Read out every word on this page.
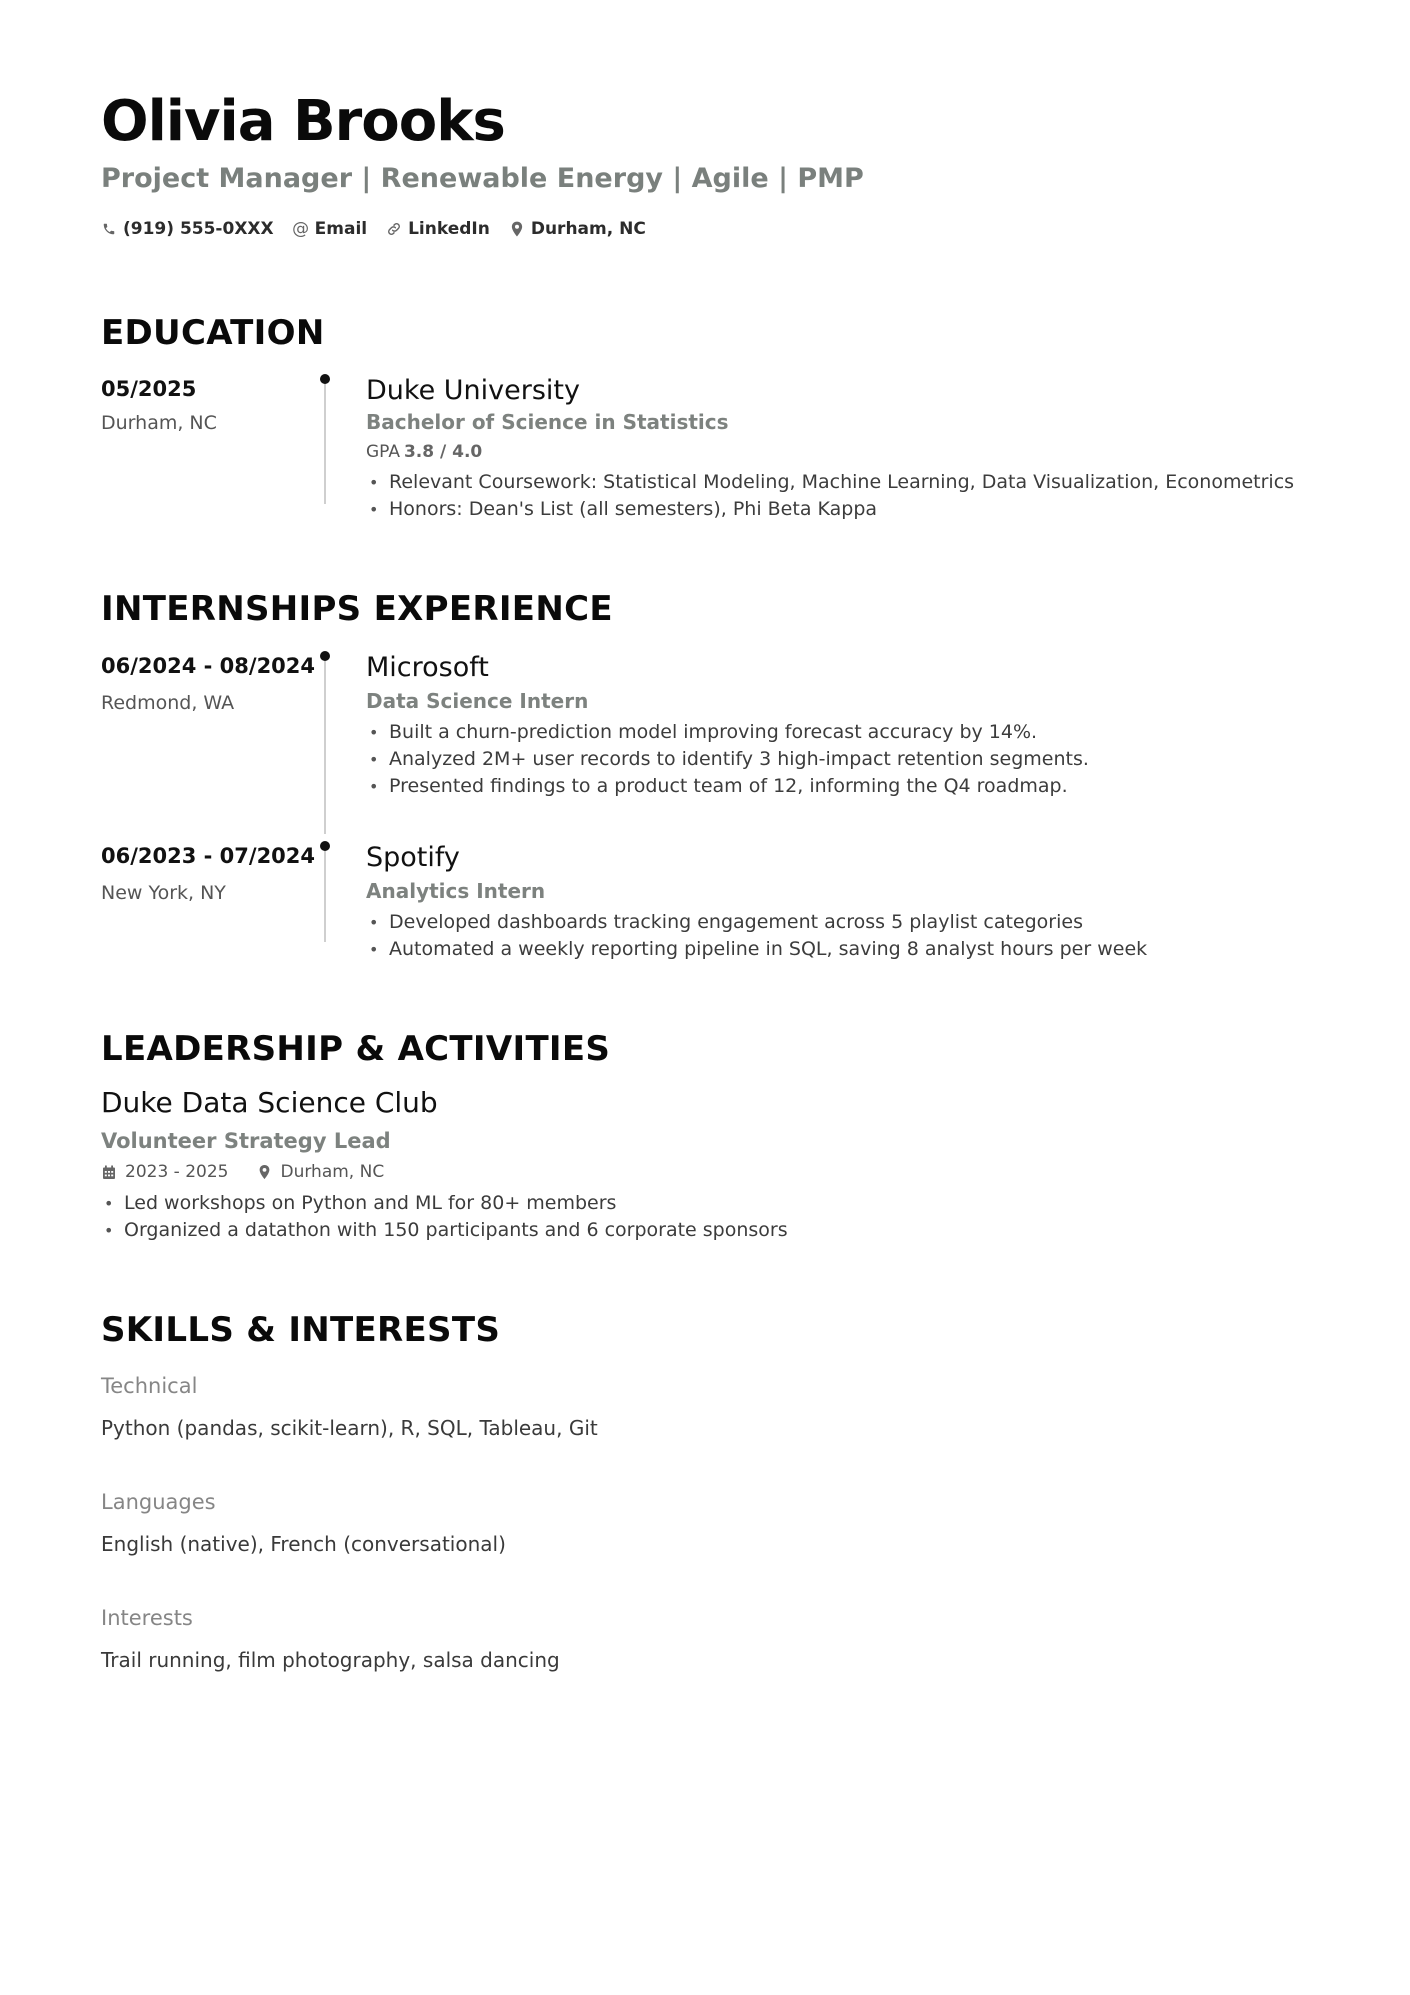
Olivia Brooks
Project Manager | Renewable Energy | Agile | PMP
(919) 555-0XXX @ Email LinkedIn Durham, NC
EDUCATION
05/2025
Durham, NC
Duke University
Bachelor of Science in Statistics
GPA 3.8 / 4.0
• Relevant Coursework: Statistical Modeling, Machine Learning, Data Visualization, Econometrics
• Honors: Dean's List (all semesters), Phi Beta Kappa
INTERNSHIPS EXPERIENCE
06/2024 - 08/2024
Redmond, WA
Microsoft
Data Science Intern
• Built a churn-prediction model improving forecast accuracy by 14%.
• Analyzed 2M+ user records to identify 3 high-impact retention segments.
• Presented findings to a product team of 12, informing the Q4 roadmap.
06/2023 - 07/2024
New York, NY
Spotify
Analytics Intern
• Developed dashboards tracking engagement across 5 playlist categories
• Automated a weekly reporting pipeline in SQL, saving 8 analyst hours per week
LEADERSHIP & ACTIVITIES
Duke Data Science Club
Volunteer Strategy Lead
2023 - 2025	Durham, NC
• Led workshops on Python and ML for 80+ members
• Organized a datathon with 150 participants and 6 corporate sponsors
SKILLS & INTERESTS
Technical
Python (pandas, scikit-learn), R, SQL, Tableau, Git
Languages
English (native), French (conversational)
Interests
Trail running, film photography, salsa dancing
